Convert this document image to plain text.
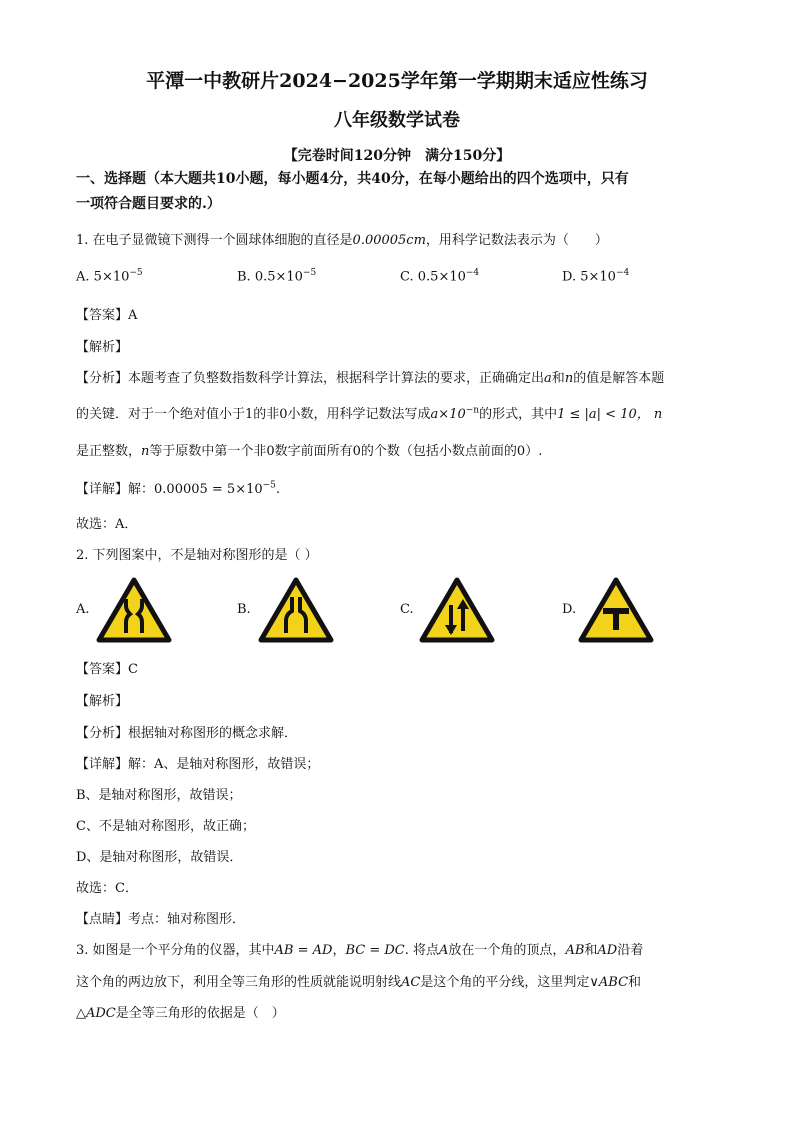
平潭一中教研片2024−2025学年第一学期期末适应性练习
八年级数学试卷
【完卷时间120分钟　满分150分】
一、选择题（本大题共10小题，每小题4分，共40分，在每小题给出的四个选项中，只有
一项符合题目要求的.）
1. 在电子显微镜下测得一个圆球体细胞的直径是0.00005cm，用科学记数法表示为（　　）
A. $5\times 10^{-5}$	B. $0.5\times 10^{-5}$	C. $0.5\times 10^{-4}$	D. $5\times 10^{-4}$
【答案】A
【解析】
【分析】本题考查了负整数指数科学计算法，根据科学计算法的要求，正确确定出a和n的值是解答本题
的关键．对于一个绝对值小于1的非0小数，用科学记数法写成$a\times 10^{-n}$的形式，其中1 ≤ |a| < 10， n
是正整数，n等于原数中第一个非0数字前面所有0的个数（包括小数点前面的0）.
【详解】解：$0.00005 = 5\times 10^{-5}$.
故选：A．
2. 下列图案中，不是轴对称图形的是（ ）
A.	B.	C.	D.
【答案】C
【解析】
【分析】根据轴对称图形的概念求解．
【详解】解：A、是轴对称图形，故错误；
B、是轴对称图形，故错误；
C、不是轴对称图形，故正确；
D、是轴对称图形，故错误．
故选：C．
【点睛】考点：轴对称图形．
3. 如图是一个平分角的仪器，其中AB = AD，BC = DC. 将点A放在一个角的顶点，AB和AD沿着
这个角的两边放下，利用全等三角形的性质就能说明射线AC是这个角的平分线，这里判定∨ABC和
△ADC是全等三角形的依据是（　）
